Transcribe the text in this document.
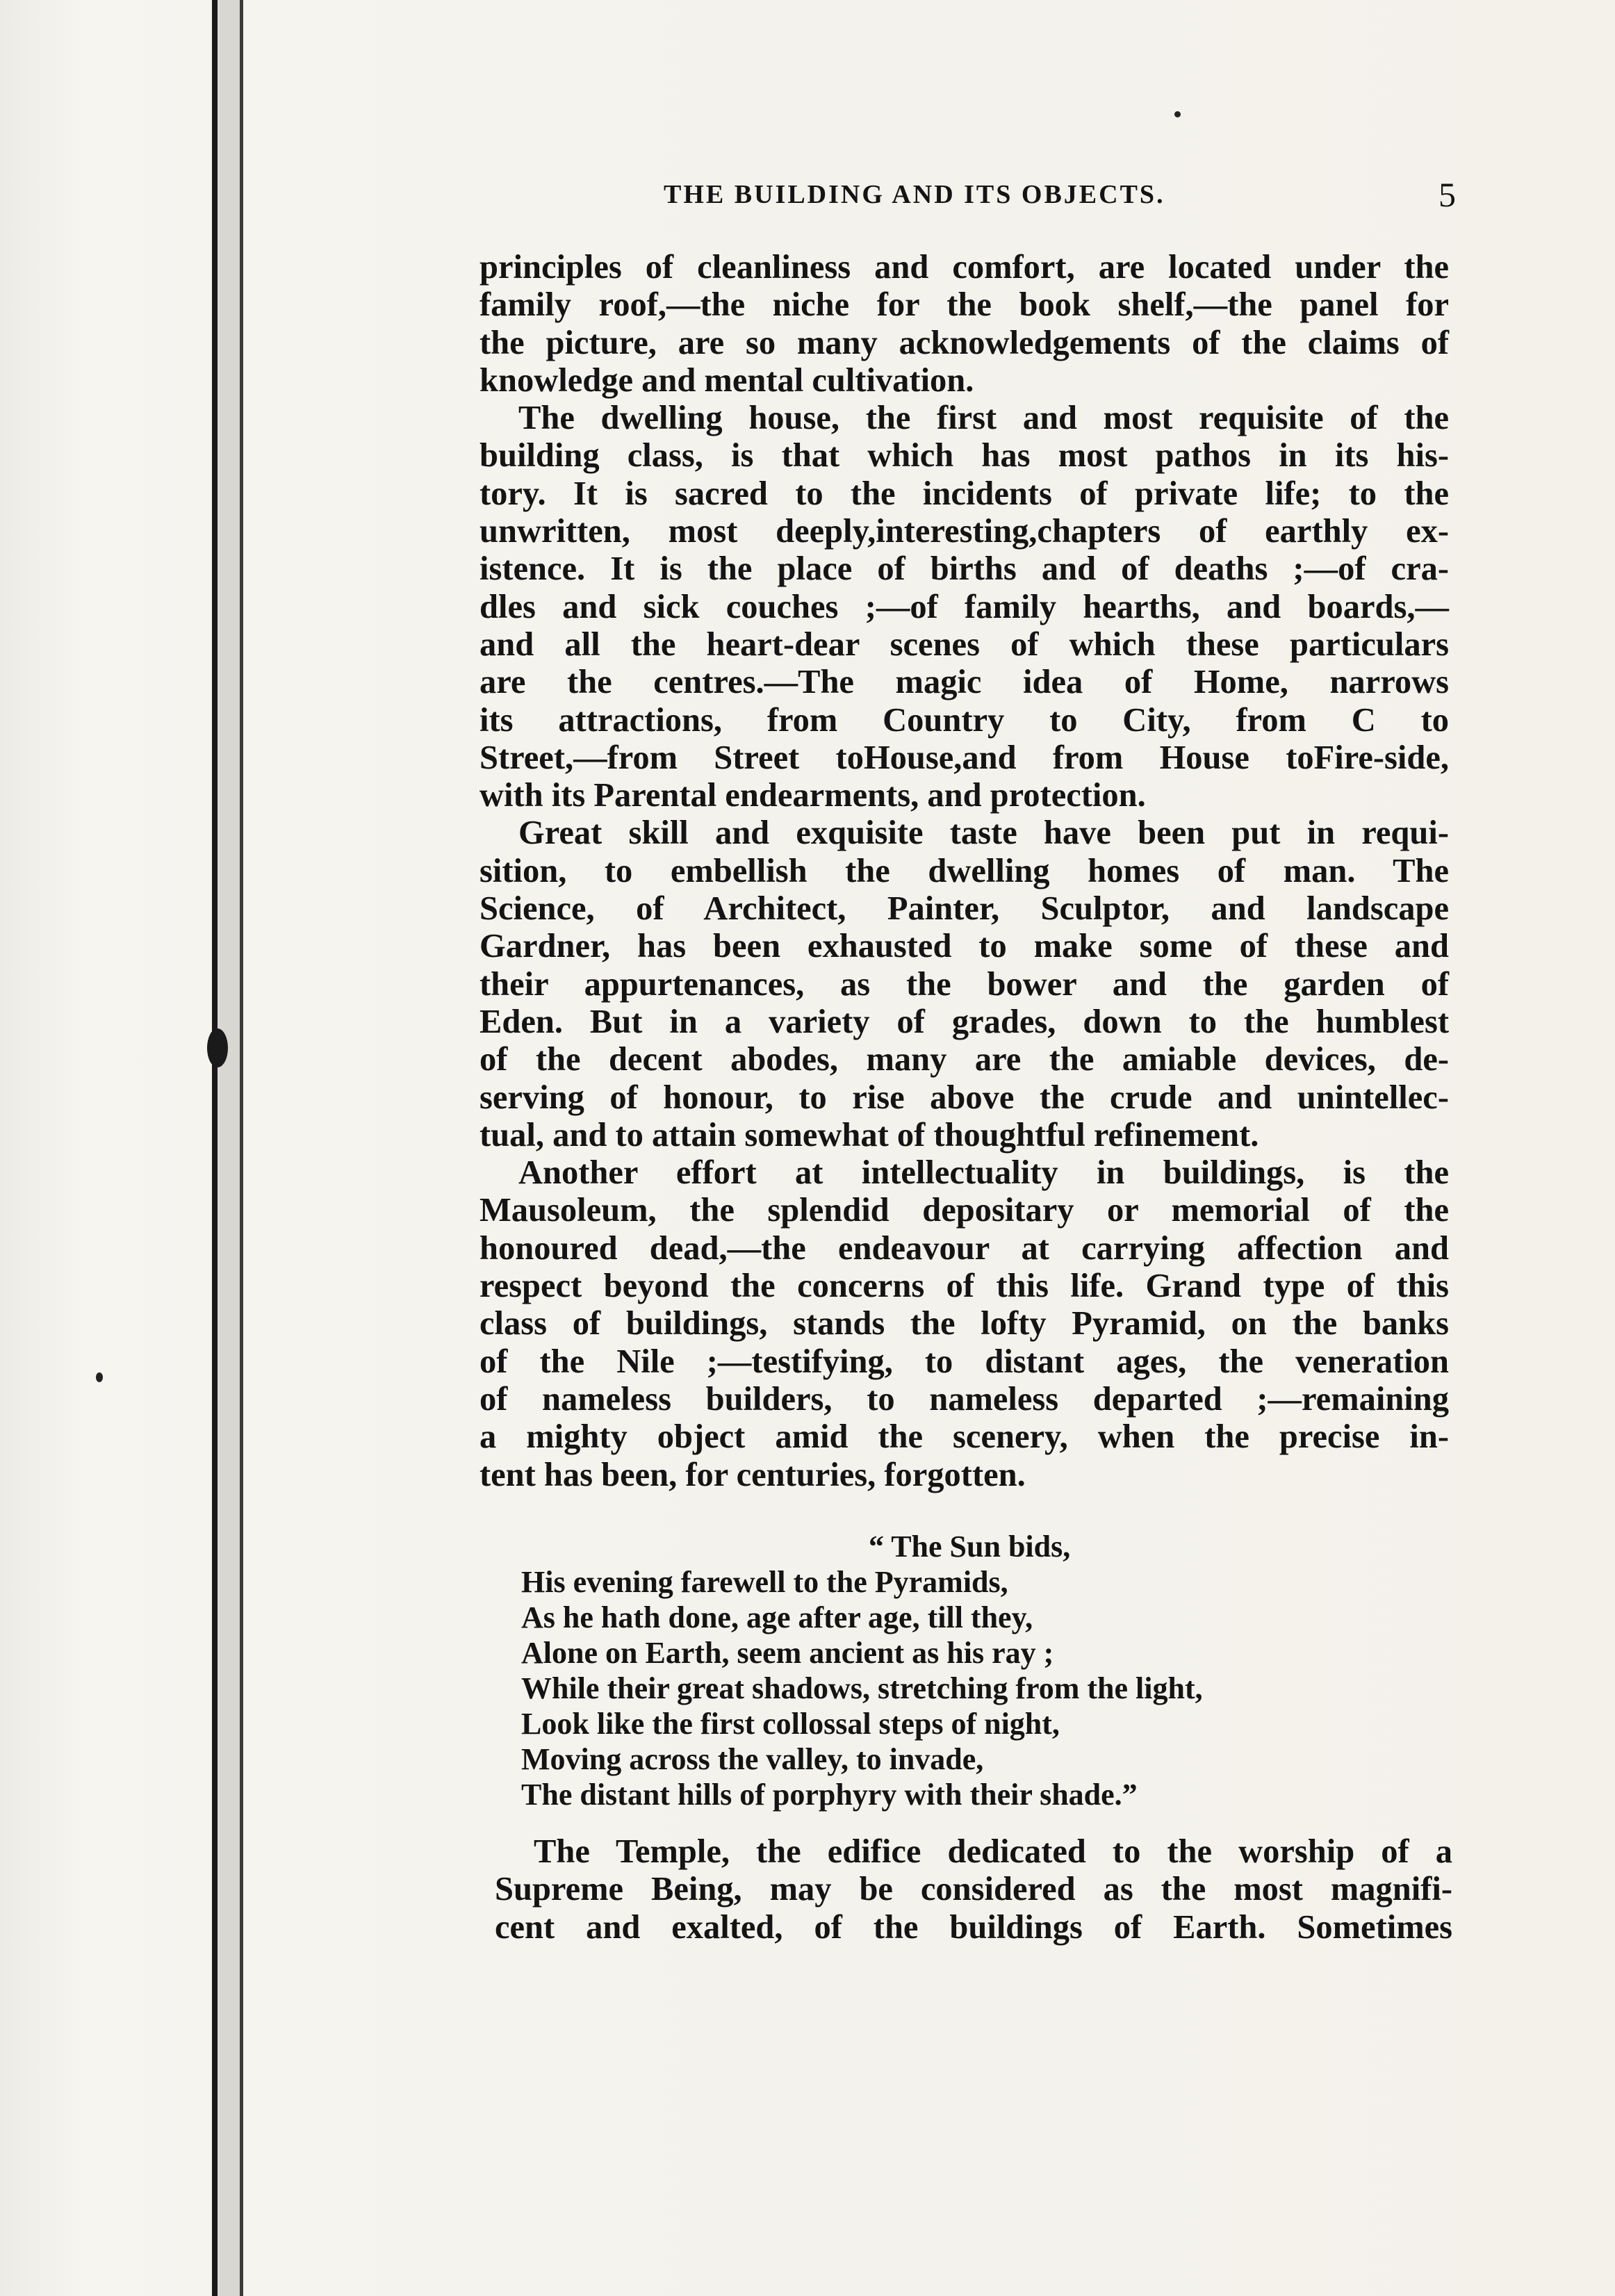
THE BUILDING AND ITS OBJECTS.	5
principles of cleanliness and comfort, are located under the
family roof,—the niche for the book shelf,—the panel for
the picture, are so many acknowledgements of the claims of
knowledge and mental cultivation.
The dwelling house, the first and most requisite of the
building class, is that which has most pathos in its his-
tory. It is sacred to the incidents of private life; to the
unwritten, most deeply,interesting,chapters of earthly ex-
istence. It is the place of births and of deaths ;—of cra-
dles and sick couches ;—of family hearths, and boards,—
and all the heart-dear scenes of which these particulars
are the centres.—The magic idea of Home, narrows
its attractions, from Country to City, from C to
Street,—from Street toHouse,and from House toFire-side,
with its Parental endearments, and protection.
Great skill and exquisite taste have been put in requi-
sition, to embellish the dwelling homes of man. The
Science, of Architect, Painter, Sculptor, and landscape
Gardner, has been exhausted to make some of these and
their appurtenances, as the bower and the garden of
Eden. But in a variety of grades, down to the humblest
of the decent abodes, many are the amiable devices, de-
serving of honour, to rise above the crude and unintellec-
tual, and to attain somewhat of thoughtful refinement.
Another effort at intellectuality in buildings, is the
Mausoleum, the splendid depositary or memorial of the
honoured dead,—the endeavour at carrying affection and
respect beyond the concerns of this life. Grand type of this
class of buildings, stands the lofty Pyramid, on the banks
of the Nile ;—testifying, to distant ages, the veneration
of nameless builders, to nameless departed ;—remaining
a mighty object amid the scenery, when the precise in-
tent has been, for centuries, forgotten.
“ The Sun bids,
His evening farewell to the Pyramids,
As he hath done, age after age, till they,
Alone on Earth, seem ancient as his ray ;
While their great shadows, stretching from the light,
Look like the first collossal steps of night,
Moving across the valley, to invade,
The distant hills of porphyry with their shade.”
The Temple, the edifice dedicated to the worship of a
Supreme Being, may be considered as the most magnifi-
cent and exalted, of the buildings of Earth. Sometimes
